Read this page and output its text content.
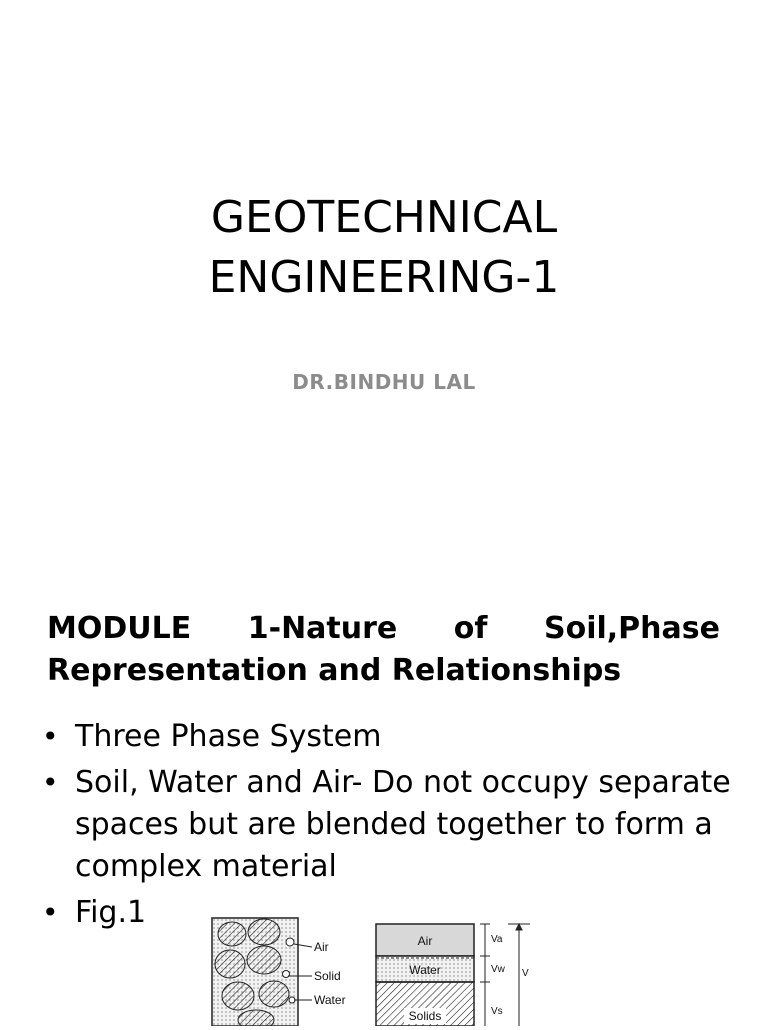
GEOTECHNICAL
ENGINEERING-1
DR.BINDHU LAL
MODULE 1-Nature of Soil,Phase
Representation and Relationships
• Three Phase System
• Soil, Water and Air- Do not occupy separate spaces but are blended together to form a complex material
• Fig.1
Air
Solid
Water
Air
Water
Solids
Va
Vw V
Vs
